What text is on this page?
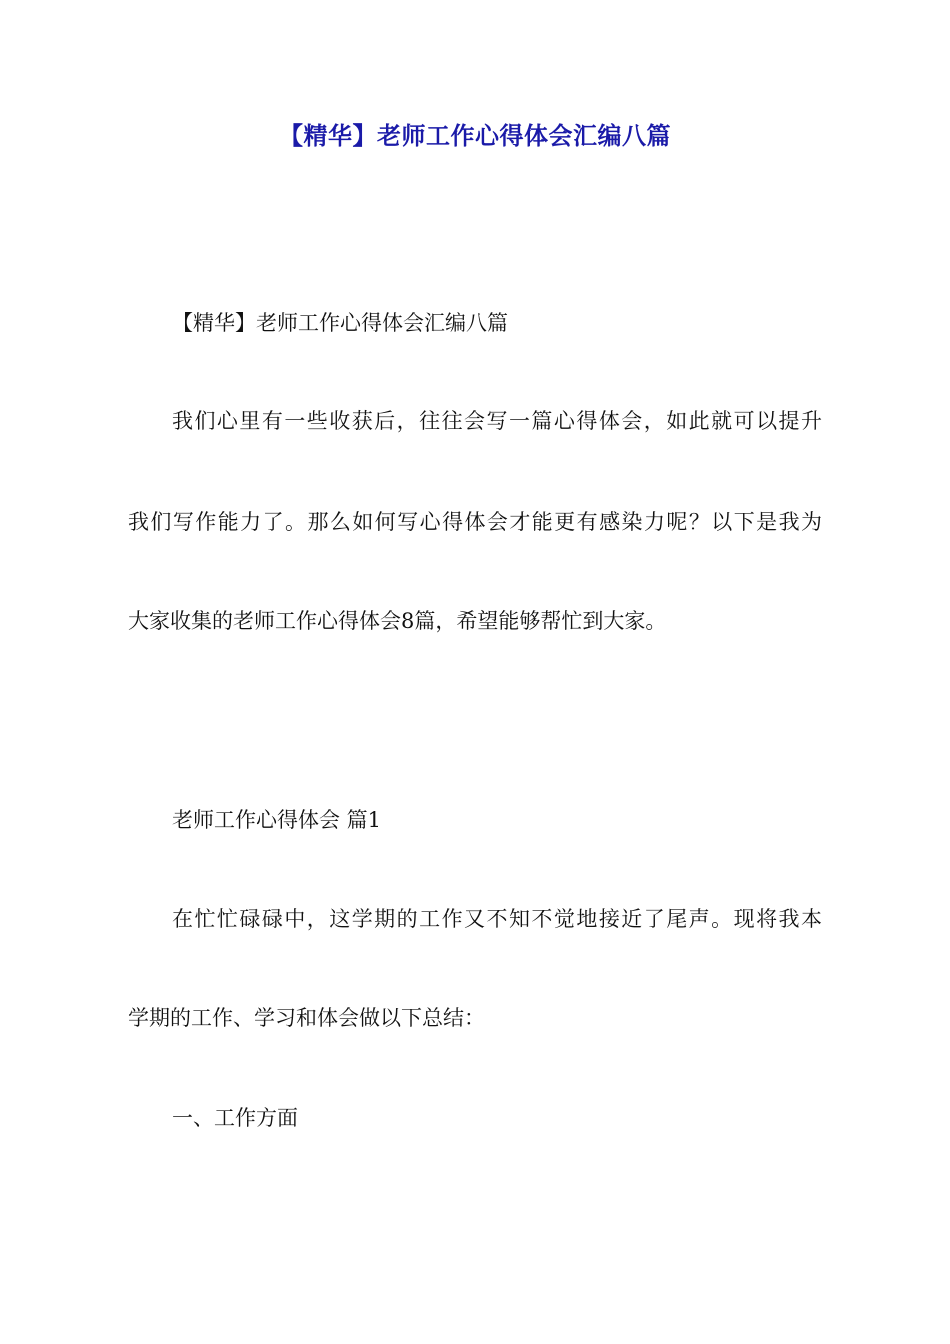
【精华】老师工作心得体会汇编八篇

【精华】老师工作心得体会汇编八篇

我们心里有一些收获后，往往会写一篇心得体会，如此就可以提升

我们写作能力了。那么如何写心得体会才能更有感染力呢？以下是我为

大家收集的老师工作心得体会8篇，希望能够帮忙到大家。

老师工作心得体会 篇1

在忙忙碌碌中，这学期的工作又不知不觉地接近了尾声。现将我本

学期的工作、学习和体会做以下总结：

一、工作方面
